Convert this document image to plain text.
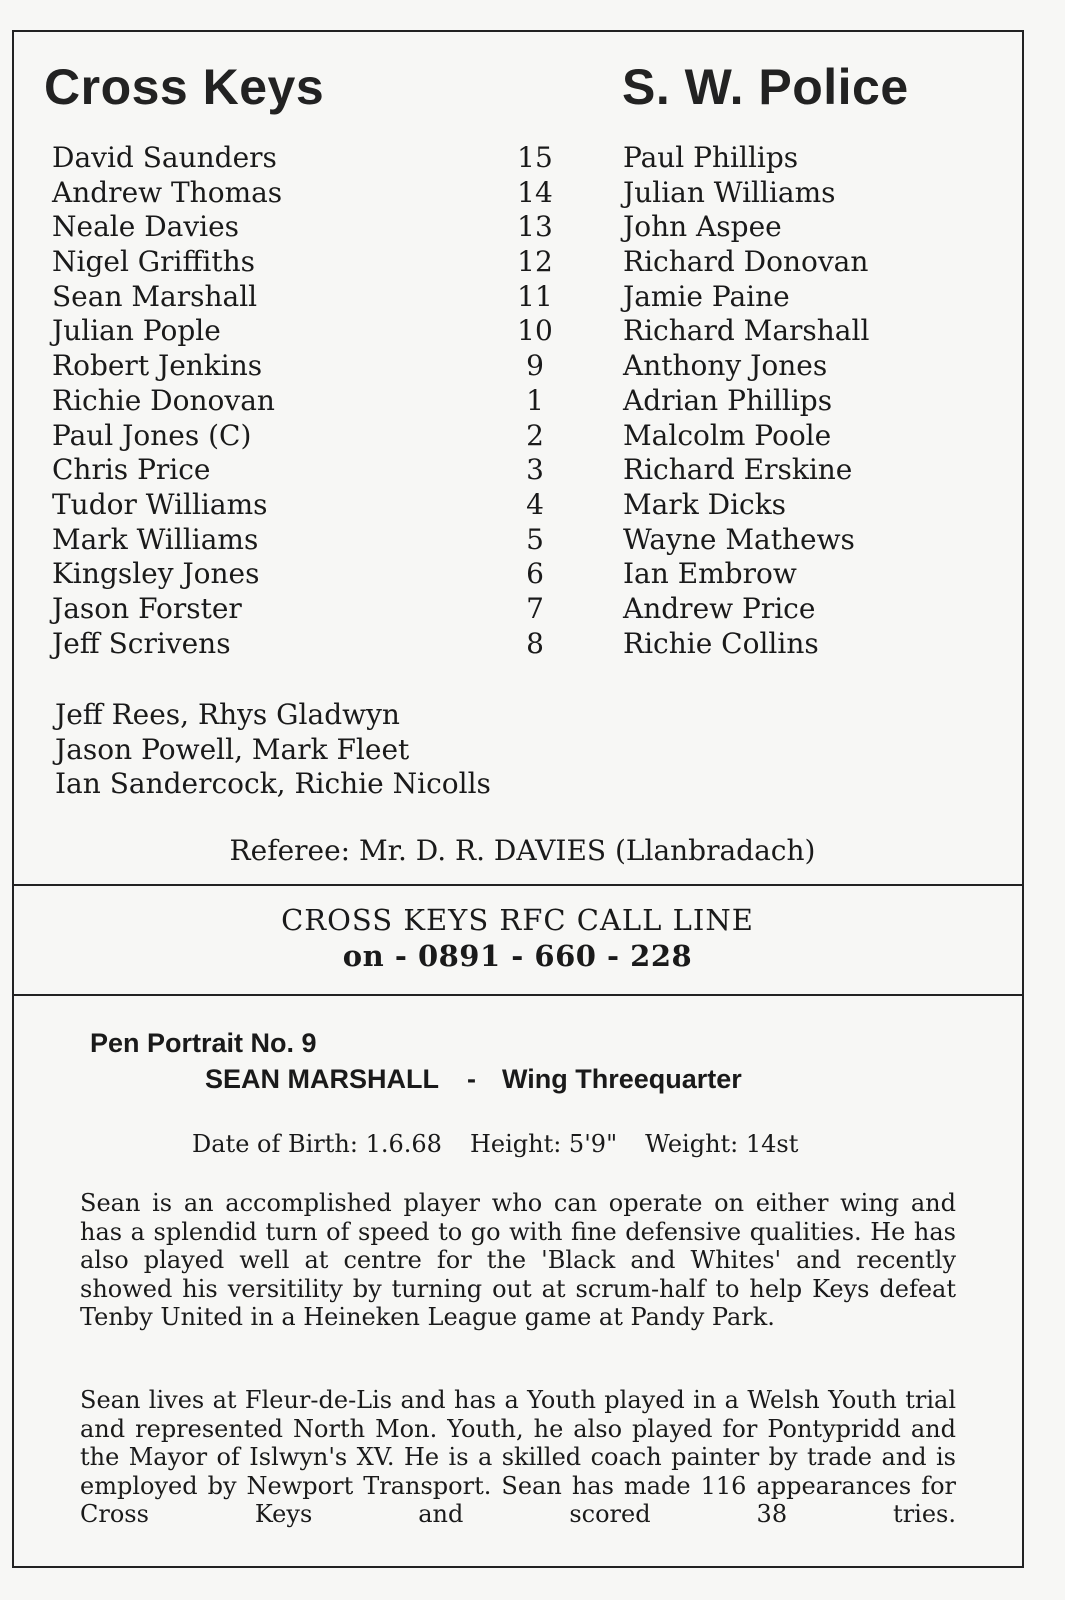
Cross Keys	S. W. Police
David Saunders	15	Paul Phillips
Andrew Thomas	14	Julian Williams
Neale Davies	13	John Aspee
Nigel Griffiths	12	Richard Donovan
Sean Marshall	11	Jamie Paine
Julian Pople	10	Richard Marshall
Robert Jenkins	9	Anthony Jones
Richie Donovan	1	Adrian Phillips
Paul Jones (C)	2	Malcolm Poole
Chris Price	3	Richard Erskine
Tudor Williams	4	Mark Dicks
Mark Williams	5	Wayne Mathews
Kingsley Jones	6	Ian Embrow
Jason Forster	7	Andrew Price
Jeff Scrivens	8	Richie Collins
Jeff Rees, Rhys Gladwyn
Jason Powell, Mark Fleet
Ian Sandercock, Richie Nicolls
Referee: Mr. D. R. DAVIES (Llanbradach)
CROSS KEYS RFC CALL LINE
on - 0891 - 660 - 228
Pen Portrait No. 9
SEAN MARSHALL - Wing Threequarter
Date of Birth: 1.6.68 Height: 5'9" Weight: 14st
Sean is an accomplished player who can operate on either wing and has a splendid turn of speed to go with fine defensive qualities. He has also played well at centre for the 'Black and Whites' and recently showed his versitility by turning out at scrum-half to help Keys defeat Tenby United in a Heineken League game at Pandy Park.
Sean lives at Fleur-de-Lis and has a Youth played in a Welsh Youth trial and represented North Mon. Youth, he also played for Pontypridd and the Mayor of Islwyn's XV. He is a skilled coach painter by trade and is employed by Newport Transport. Sean has made 116 appearances for Cross Keys and scored 38 tries.
